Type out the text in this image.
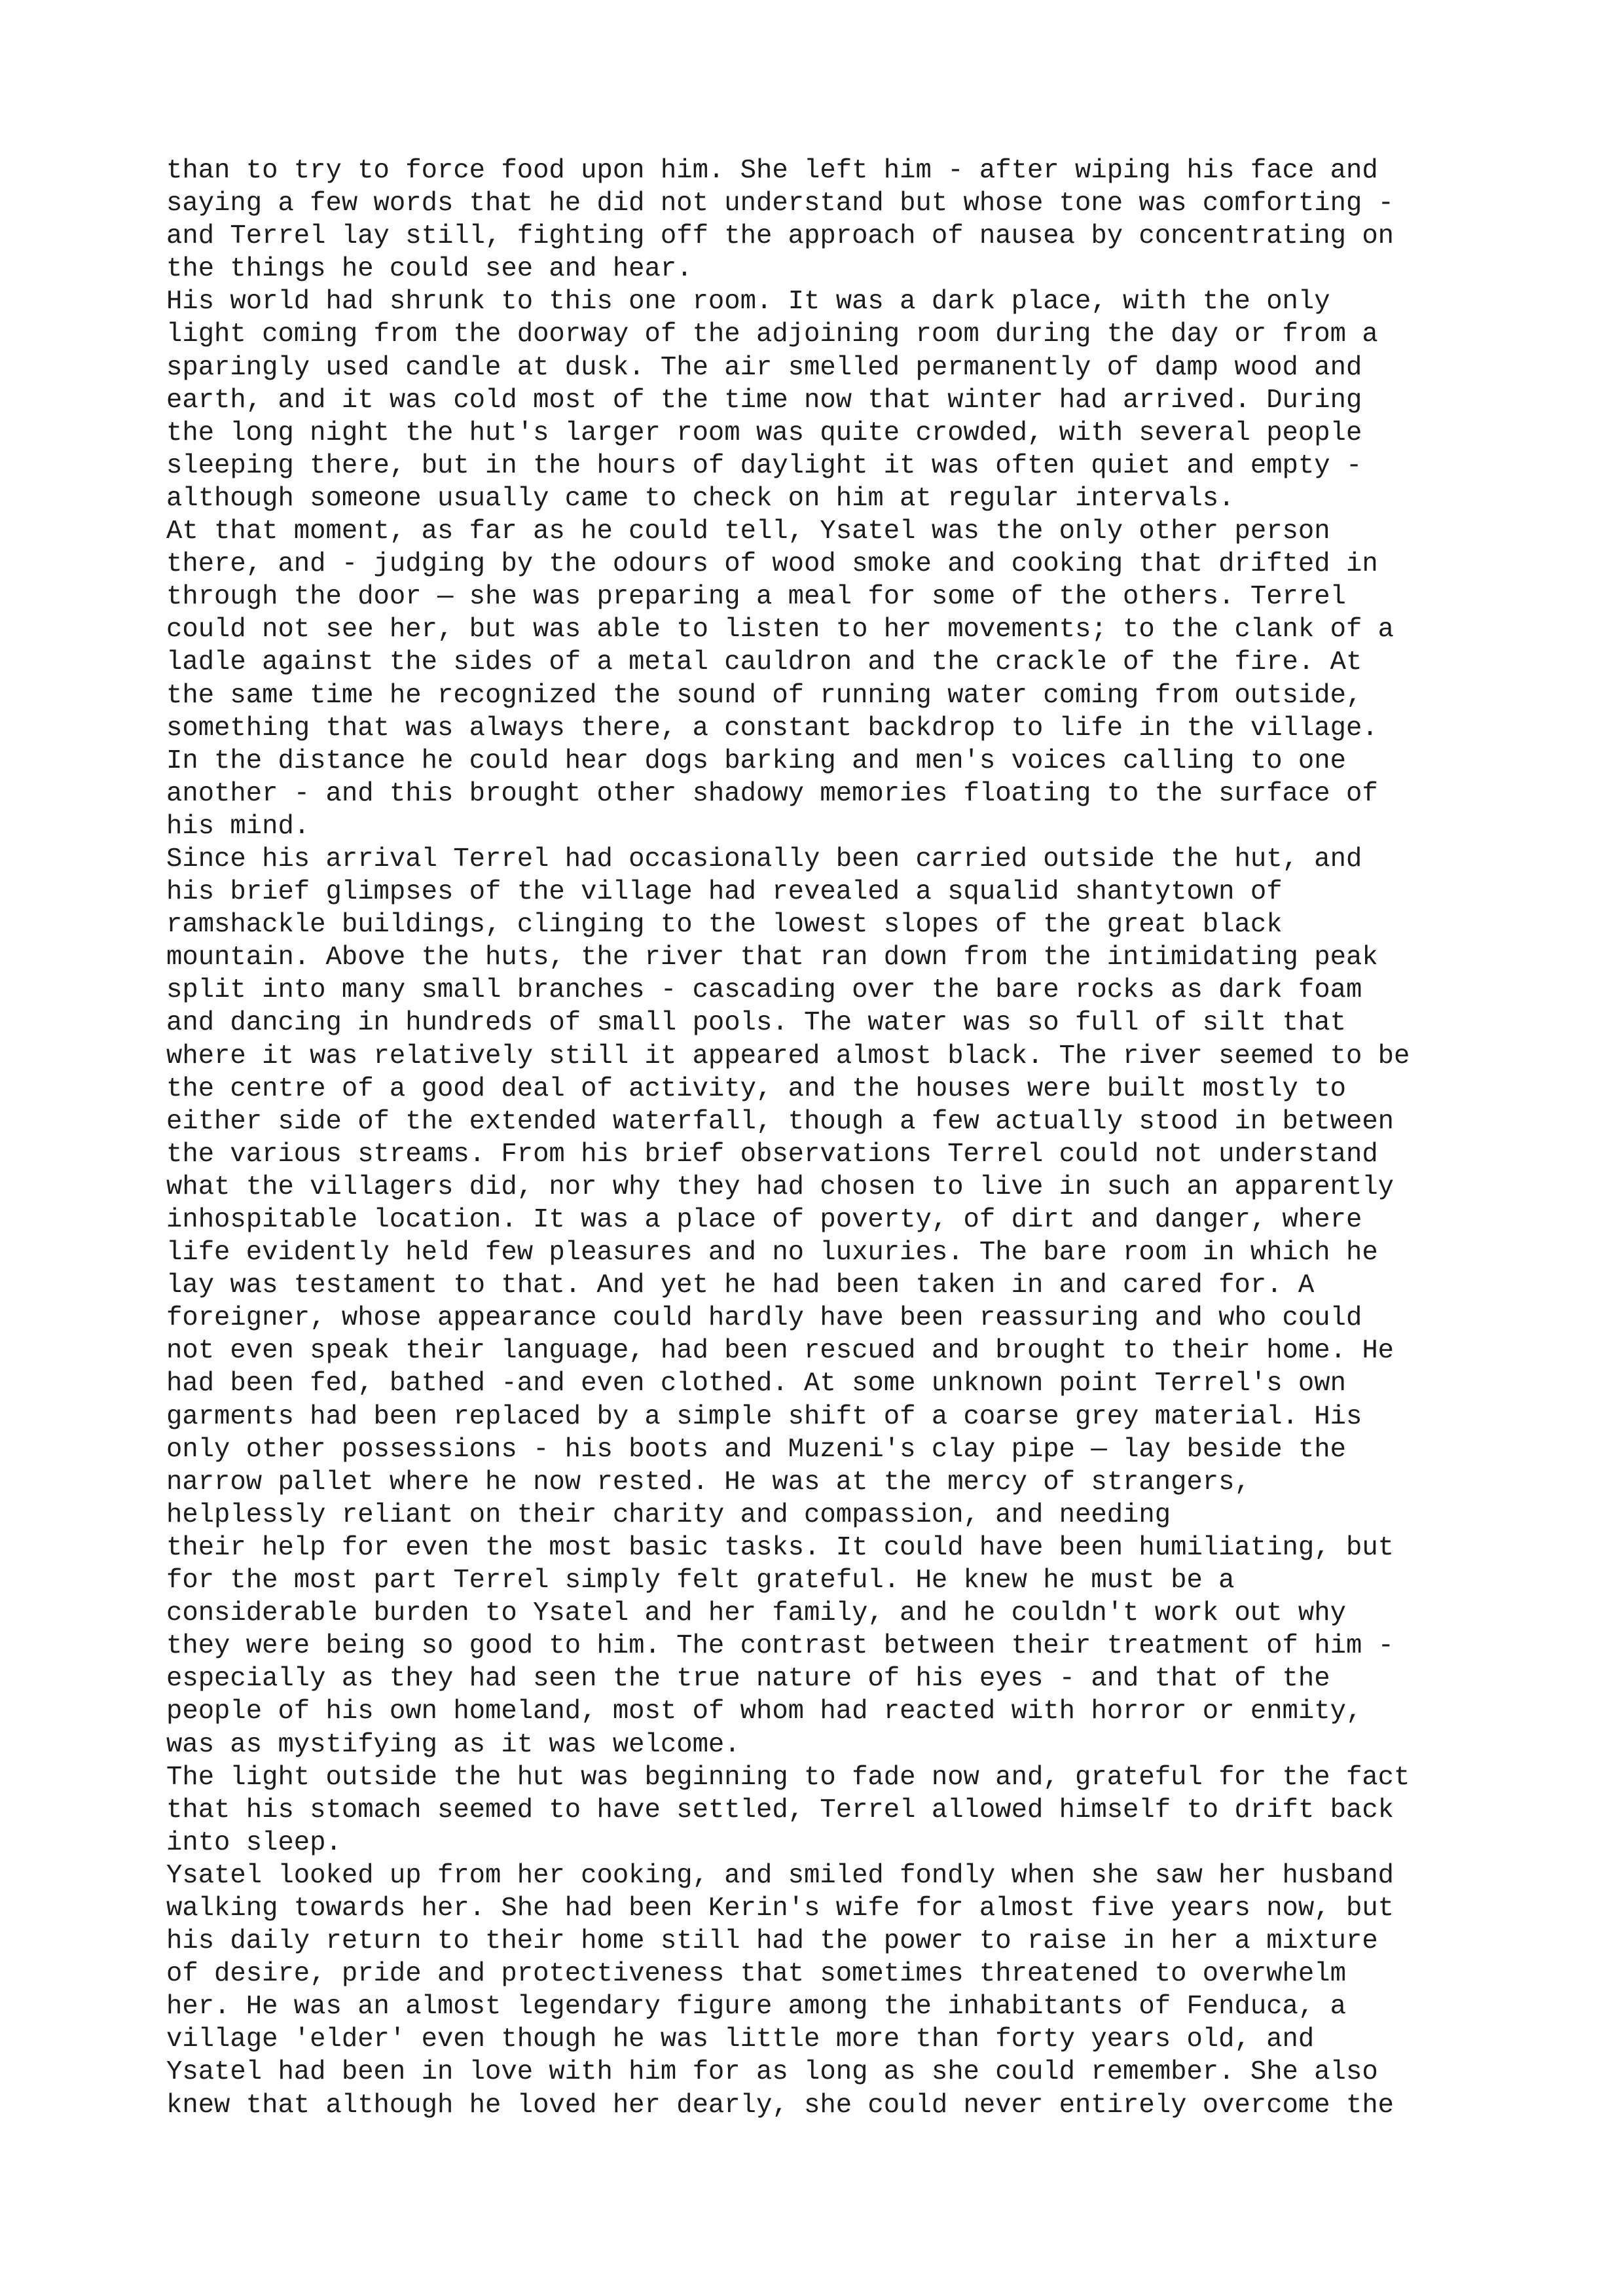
than to try to force food upon him. She left him - after wiping his face and
saying a few words that he did not understand but whose tone was comforting -
and Terrel lay still, fighting off the approach of nausea by concentrating on
the things he could see and hear.
His world had shrunk to this one room. It was a dark place, with the only
light coming from the doorway of the adjoining room during the day or from a
sparingly used candle at dusk. The air smelled permanently of damp wood and
earth, and it was cold most of the time now that winter had arrived. During
the long night the hut's larger room was quite crowded, with several people
sleeping there, but in the hours of daylight it was often quiet and empty -
although someone usually came to check on him at regular intervals.
At that moment, as far as he could tell, Ysatel was the only other person
there, and - judging by the odours of wood smoke and cooking that drifted in
through the door — she was preparing a meal for some of the others. Terrel
could not see her, but was able to listen to her movements; to the clank of a
ladle against the sides of a metal cauldron and the crackle of the fire. At
the same time he recognized the sound of running water coming from outside,
something that was always there, a constant backdrop to life in the village.
In the distance he could hear dogs barking and men's voices calling to one
another - and this brought other shadowy memories floating to the surface of
his mind.
Since his arrival Terrel had occasionally been carried outside the hut, and
his brief glimpses of the village had revealed a squalid shantytown of
ramshackle buildings, clinging to the lowest slopes of the great black
mountain. Above the huts, the river that ran down from the intimidating peak
split into many small branches - cascading over the bare rocks as dark foam
and dancing in hundreds of small pools. The water was so full of silt that
where it was relatively still it appeared almost black. The river seemed to be
the centre of a good deal of activity, and the houses were built mostly to
either side of the extended waterfall, though a few actually stood in between
the various streams. From his brief observations Terrel could not understand
what the villagers did, nor why they had chosen to live in such an apparently
inhospitable location. It was a place of poverty, of dirt and danger, where
life evidently held few pleasures and no luxuries. The bare room in which he
lay was testament to that. And yet he had been taken in and cared for. A
foreigner, whose appearance could hardly have been reassuring and who could
not even speak their language, had been rescued and brought to their home. He
had been fed, bathed -and even clothed. At some unknown point Terrel's own
garments had been replaced by a simple shift of a coarse grey material. His
only other possessions - his boots and Muzeni's clay pipe — lay beside the
narrow pallet where he now rested. He was at the mercy of strangers,
helplessly reliant on their charity and compassion, and needing
their help for even the most basic tasks. It could have been humiliating, but
for the most part Terrel simply felt grateful. He knew he must be a
considerable burden to Ysatel and her family, and he couldn't work out why
they were being so good to him. The contrast between their treatment of him -
especially as they had seen the true nature of his eyes - and that of the
people of his own homeland, most of whom had reacted with horror or enmity,
was as mystifying as it was welcome.
The light outside the hut was beginning to fade now and, grateful for the fact
that his stomach seemed to have settled, Terrel allowed himself to drift back
into sleep.
Ysatel looked up from her cooking, and smiled fondly when she saw her husband
walking towards her. She had been Kerin's wife for almost five years now, but
his daily return to their home still had the power to raise in her a mixture
of desire, pride and protectiveness that sometimes threatened to overwhelm
her. He was an almost legendary figure among the inhabitants of Fenduca, a
village 'elder' even though he was little more than forty years old, and
Ysatel had been in love with him for as long as she could remember. She also
knew that although he loved her dearly, she could never entirely overcome the
